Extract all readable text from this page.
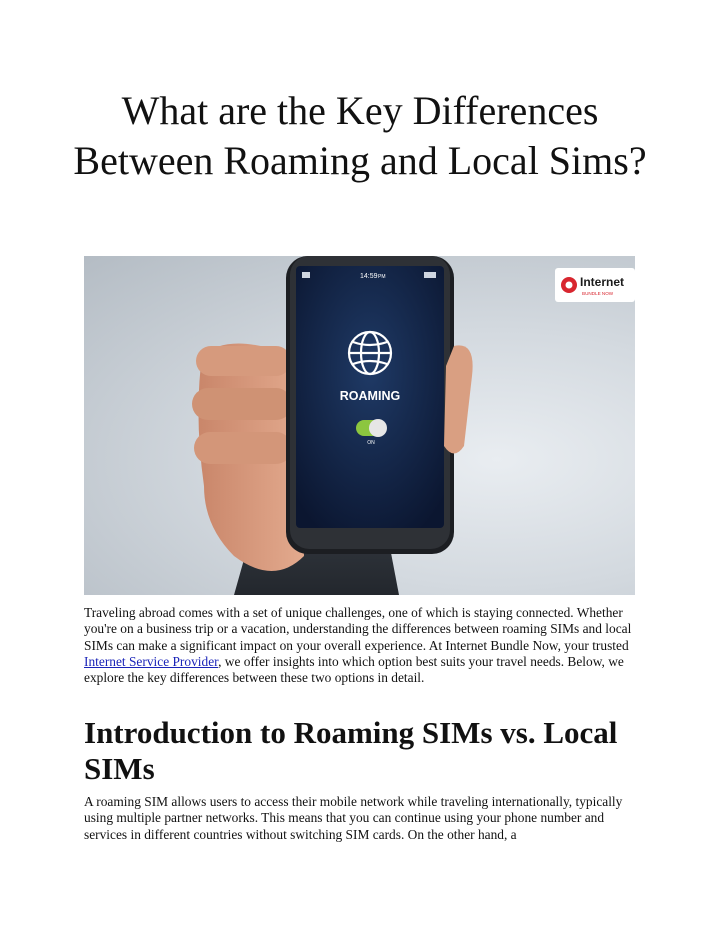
What are the Key Differences Between Roaming and Local Sims?
14:59 PM
ROAMING
ON
Internet
BUNDLE NOW

Traveling abroad comes with a set of unique challenges, one of which is staying connected. Whether you're on a business trip or a vacation, understanding the differences between roaming SIMs and local SIMs can make a significant impact on your overall experience. At Internet Bundle Now, your trusted Internet Service Provider, we offer insights into which option best suits your travel needs. Below, we explore the key differences between these two options in detail.

Introduction to Roaming SIMs vs. Local SIMs

A roaming SIM allows users to access their mobile network while traveling internationally, typically using multiple partner networks. This means that you can continue using your phone number and services in different countries without switching SIM cards. On the other hand, a
